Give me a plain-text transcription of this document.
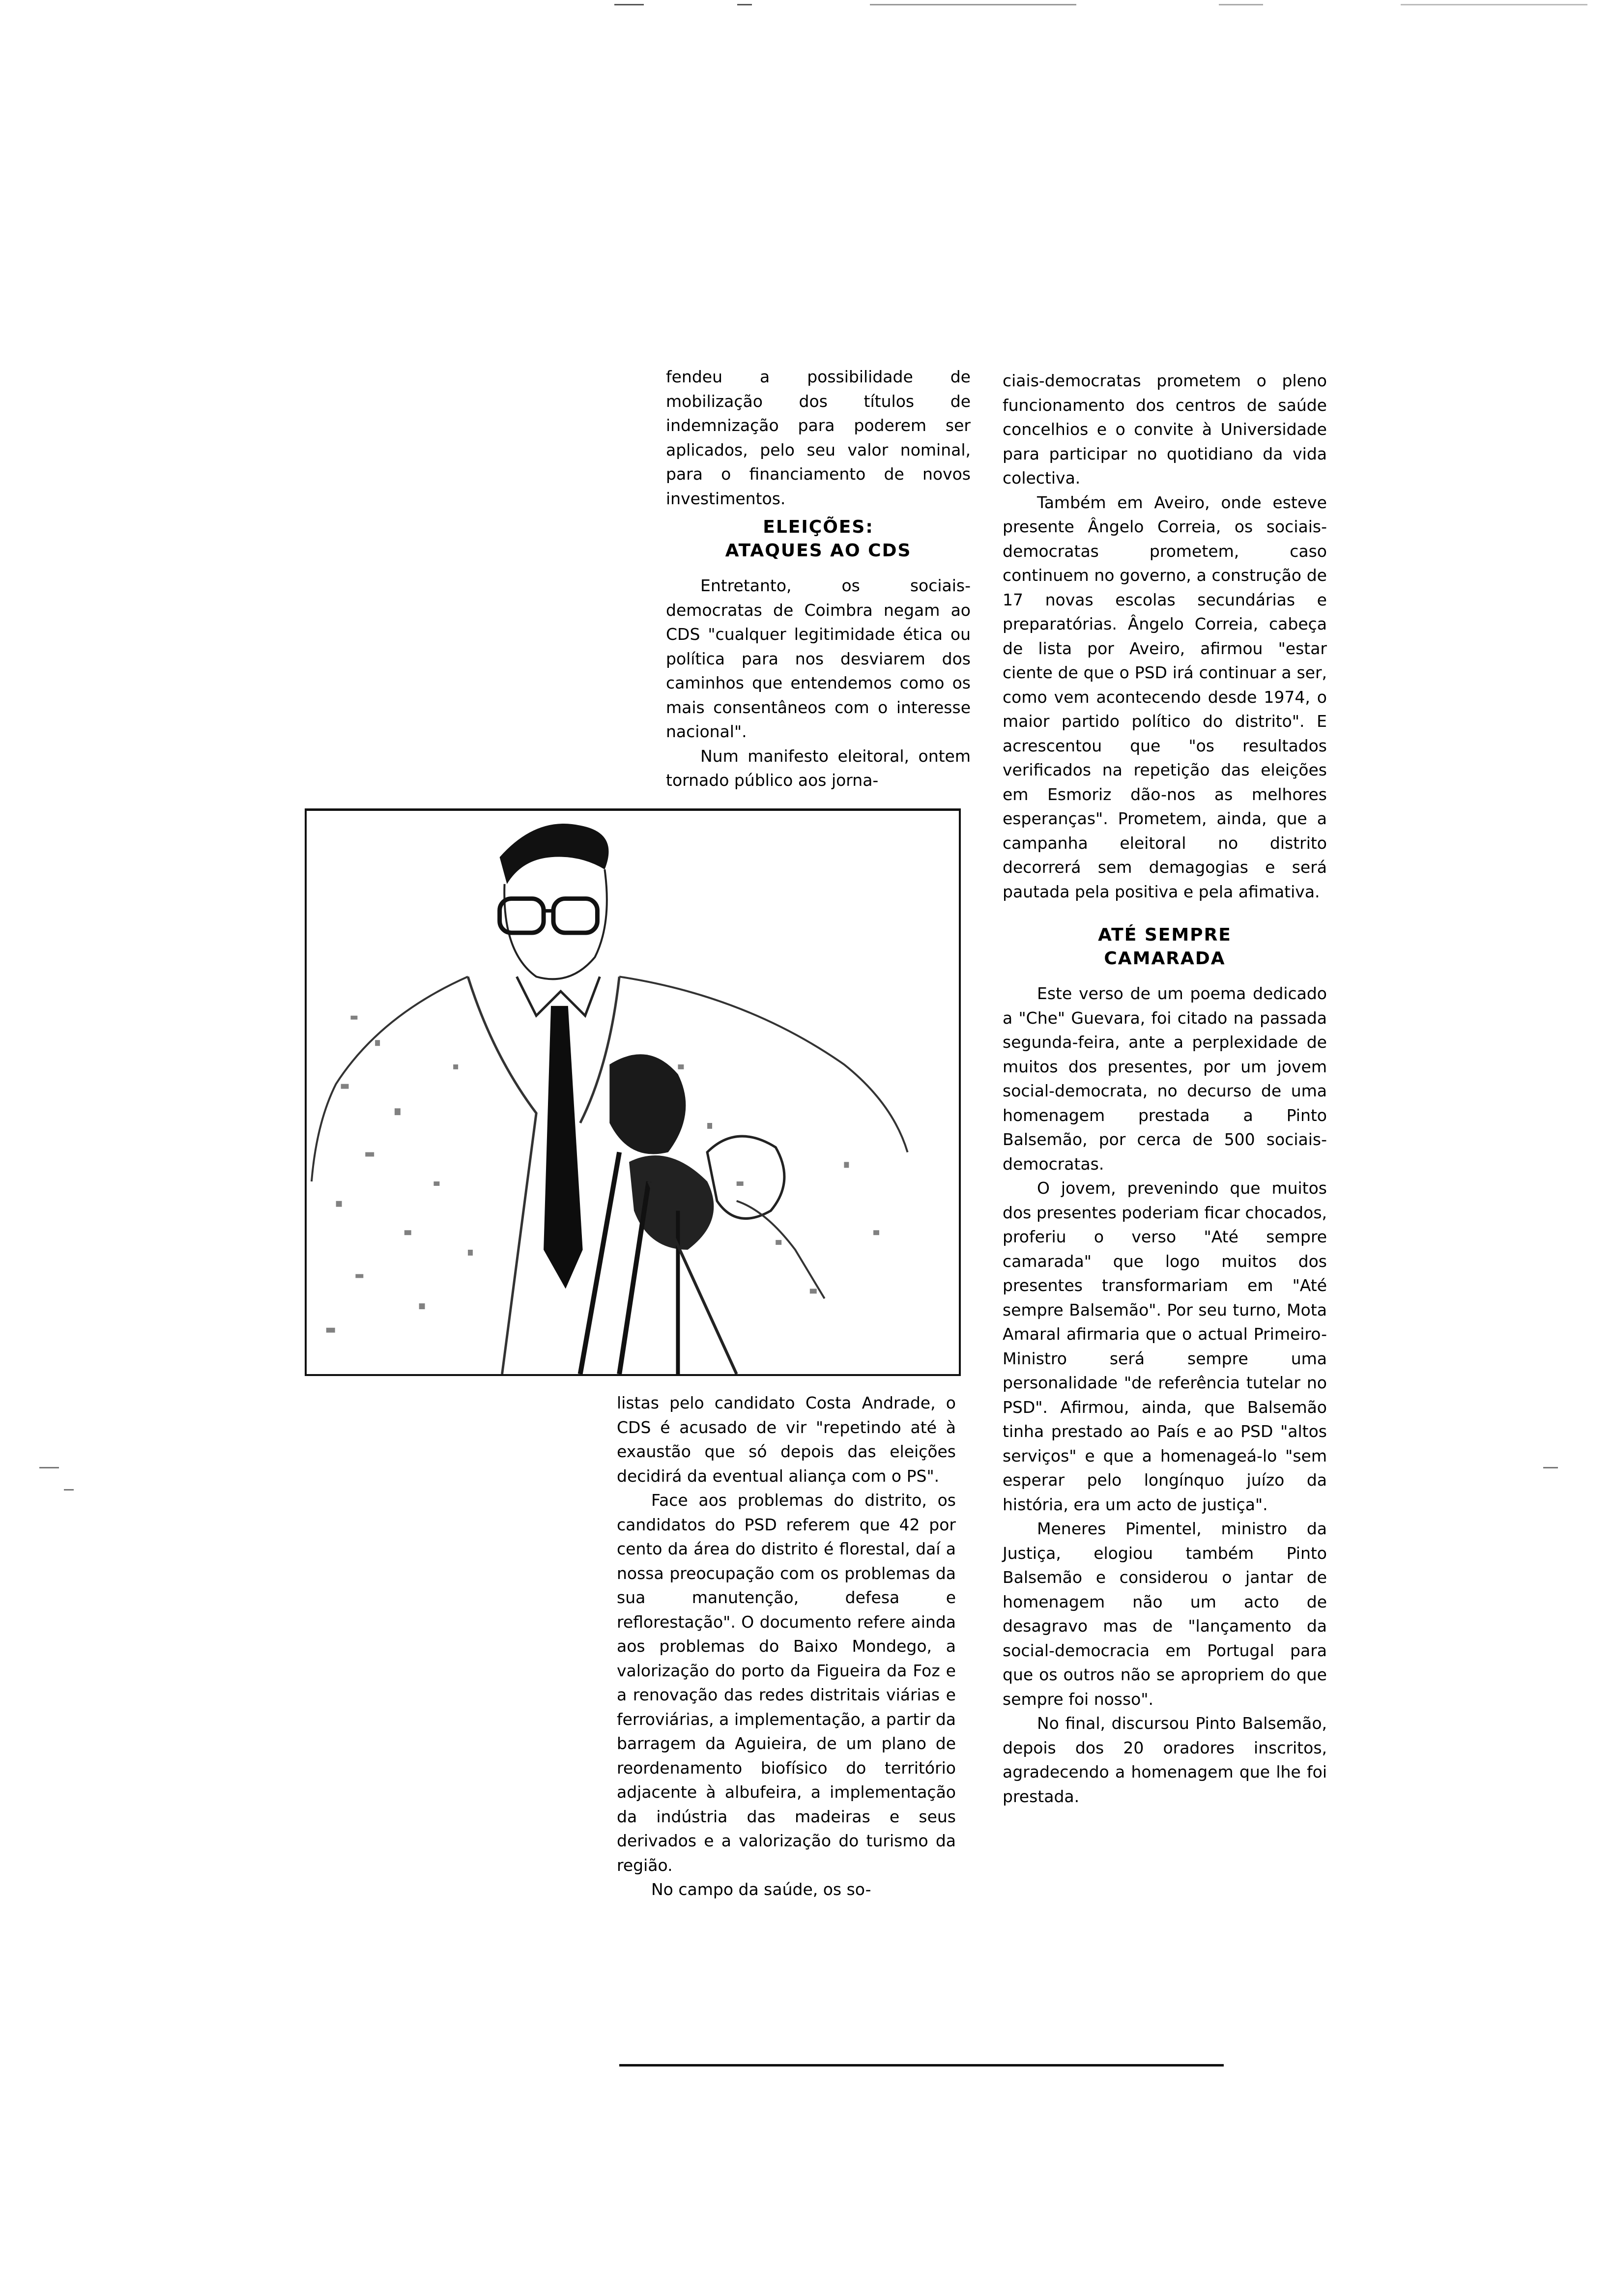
fendeu a possibilidade de mobilização dos títulos de indemnização para poderem ser aplicados, pelo seu valor nominal, para o financiamento de novos investimentos.

ELEIÇÕES:
ATAQUES AO CDS

Entretanto, os sociais-democratas de Coimbra negam ao CDS "cualquer legitimidade ética ou política para nos desviarem dos caminhos que entendemos como os mais consentâneos com o interesse nacional".

Num manifesto eleitoral, ontem tornado público aos jorna-

listas pelo candidato Costa Andrade, o CDS é acusado de vir "repetindo até à exaustão que só depois das eleições decidirá da eventual aliança com o PS".

Face aos problemas do distrito, os candidatos do PSD referem que 42 por cento da área do distrito é florestal, daí a nossa preocupação com os problemas da sua manutenção, defesa e reflorestação". O documento refere ainda aos problemas do Baixo Mondego, a valorização do porto da Figueira da Foz e a renovação das redes distritais viárias e ferroviárias, a implementação, a partir da barragem da Aguieira, de um plano de reordenamento biofísico do território adjacente à albufeira, a implementação da indústria das madeiras e seus derivados e a valorização do turismo da região.

No campo da saúde, os so-

ciais-democratas prometem o pleno funcionamento dos centros de saúde concelhios e o convite à Universidade para participar no quotidiano da vida colectiva.

Também em Aveiro, onde esteve presente Ângelo Correia, os sociais-democratas prometem, caso continuem no governo, a construção de 17 novas escolas secundárias e preparatórias. Ângelo Correia, cabeça de lista por Aveiro, afirmou "estar ciente de que o PSD irá continuar a ser, como vem acontecendo desde 1974, o maior partido político do distrito". E acrescentou que "os resultados verificados na repetição das eleições em Esmoriz dão-nos as melhores esperanças". Prometem, ainda, que a campanha eleitoral no distrito decorrerá sem demagogias e será pautada pela positiva e pela afimativa.

ATÉ SEMPRE
CAMARADA

Este verso de um poema dedicado a "Che" Guevara, foi citado na passada segunda-feira, ante a perplexidade de muitos dos presentes, por um jovem social-democrata, no decurso de uma homenagem prestada a Pinto Balsemão, por cerca de 500 sociais-democratas.

O jovem, prevenindo que muitos dos presentes poderiam ficar chocados, proferiu o verso "Até sempre camarada" que logo muitos dos presentes transformariam em "Até sempre Balsemão". Por seu turno, Mota Amaral afirmaria que o actual Primeiro-Ministro será sempre uma personalidade "de referência tutelar no PSD". Afirmou, ainda, que Balsemão tinha prestado ao País e ao PSD "altos serviços" e que a homenageá-lo "sem esperar pelo longínquo juízo da história, era um acto de justiça".

Meneres Pimentel, ministro da Justiça, elogiou também Pinto Balsemão e considerou o jantar de homenagem não um acto de desagravo mas de "lançamento da social-democracia em Portugal para que os outros não se apropriem do que sempre foi nosso".

No final, discursou Pinto Balsemão, depois dos 20 oradores inscritos, agradecendo a homenagem que lhe foi prestada.
